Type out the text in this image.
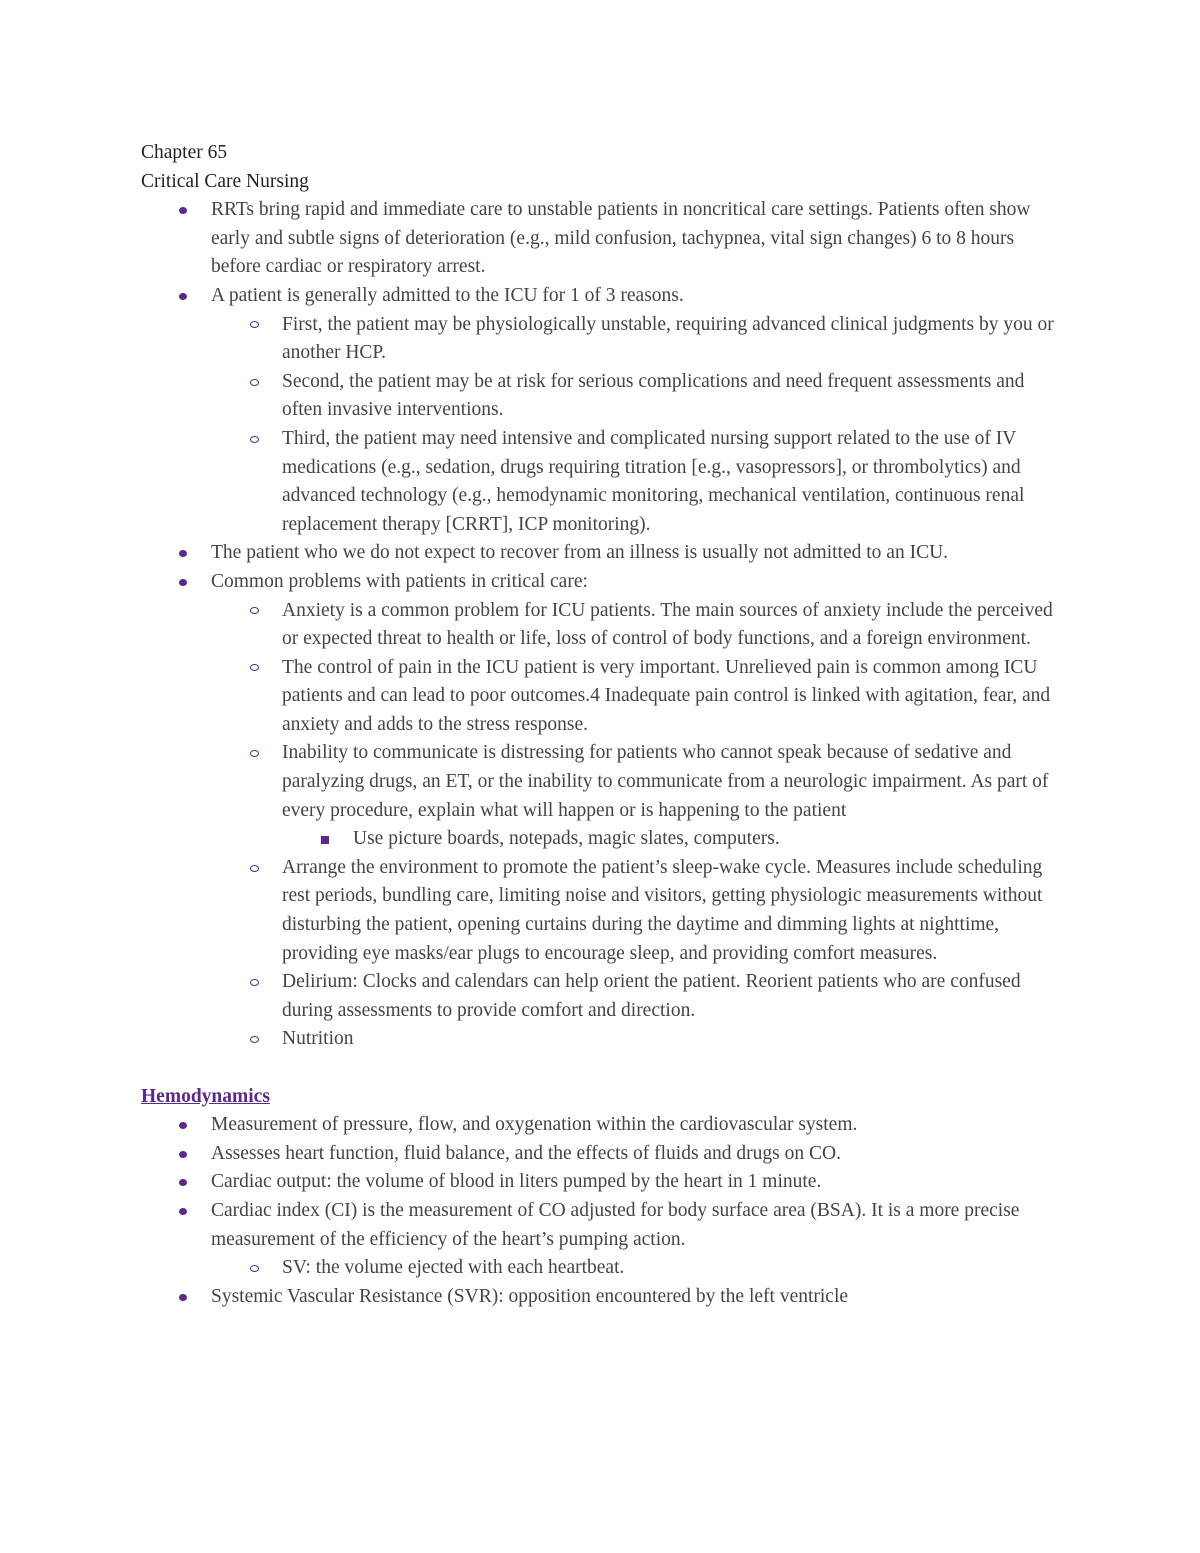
Chapter 65

Critical Care Nursing

RRTs bring rapid and immediate care to unstable patients in noncritical care settings. Patients often show early and subtle signs of deterioration (e.g., mild confusion, tachypnea, vital sign changes) 6 to 8 hours before cardiac or respiratory arrest.
A patient is generally admitted to the ICU for 1 of 3 reasons.
First, the patient may be physiologically unstable, requiring advanced clinical judgments by you or another HCP.
Second, the patient may be at risk for serious complications and need frequent assessments and often invasive interventions.
Third, the patient may need intensive and complicated nursing support related to the use of IV medications (e.g., sedation, drugs requiring titration [e.g., vasopressors], or thrombolytics) and advanced technology (e.g., hemodynamic monitoring, mechanical ventilation, continuous renal replacement therapy [CRRT], ICP monitoring).
The patient who we do not expect to recover from an illness is usually not admitted to an ICU.
Common problems with patients in critical care:
Anxiety is a common problem for ICU patients. The main sources of anxiety include the perceived or expected threat to health or life, loss of control of body functions, and a foreign environment.
The control of pain in the ICU patient is very important. Unrelieved pain is common among ICU patients and can lead to poor outcomes.4 Inadequate pain control is linked with agitation, fear, and anxiety and adds to the stress response.
Inability to communicate is distressing for patients who cannot speak because of sedative and paralyzing drugs, an ET, or the inability to communicate from a neurologic impairment. As part of every procedure, explain what will happen or is happening to the patient
Use picture boards, notepads, magic slates, computers.
Arrange the environment to promote the patient’s sleep-wake cycle. Measures include scheduling rest periods, bundling care, limiting noise and visitors, getting physiologic measurements without disturbing the patient, opening curtains during the daytime and dimming lights at nighttime, providing eye masks/ear plugs to encourage sleep, and providing comfort measures.
Delirium: Clocks and calendars can help orient the patient. Reorient patients who are confused during assessments to provide comfort and direction.
Nutrition

Hemodynamics

Measurement of pressure, flow, and oxygenation within the cardiovascular system.
Assesses heart function, fluid balance, and the effects of fluids and drugs on CO.
Cardiac output: the volume of blood in liters pumped by the heart in 1 minute.
Cardiac index (CI) is the measurement of CO adjusted for body surface area (BSA). It is a more precise measurement of the efficiency of the heart’s pumping action.
SV: the volume ejected with each heartbeat.
Systemic Vascular Resistance (SVR): opposition encountered by the left ventricle
